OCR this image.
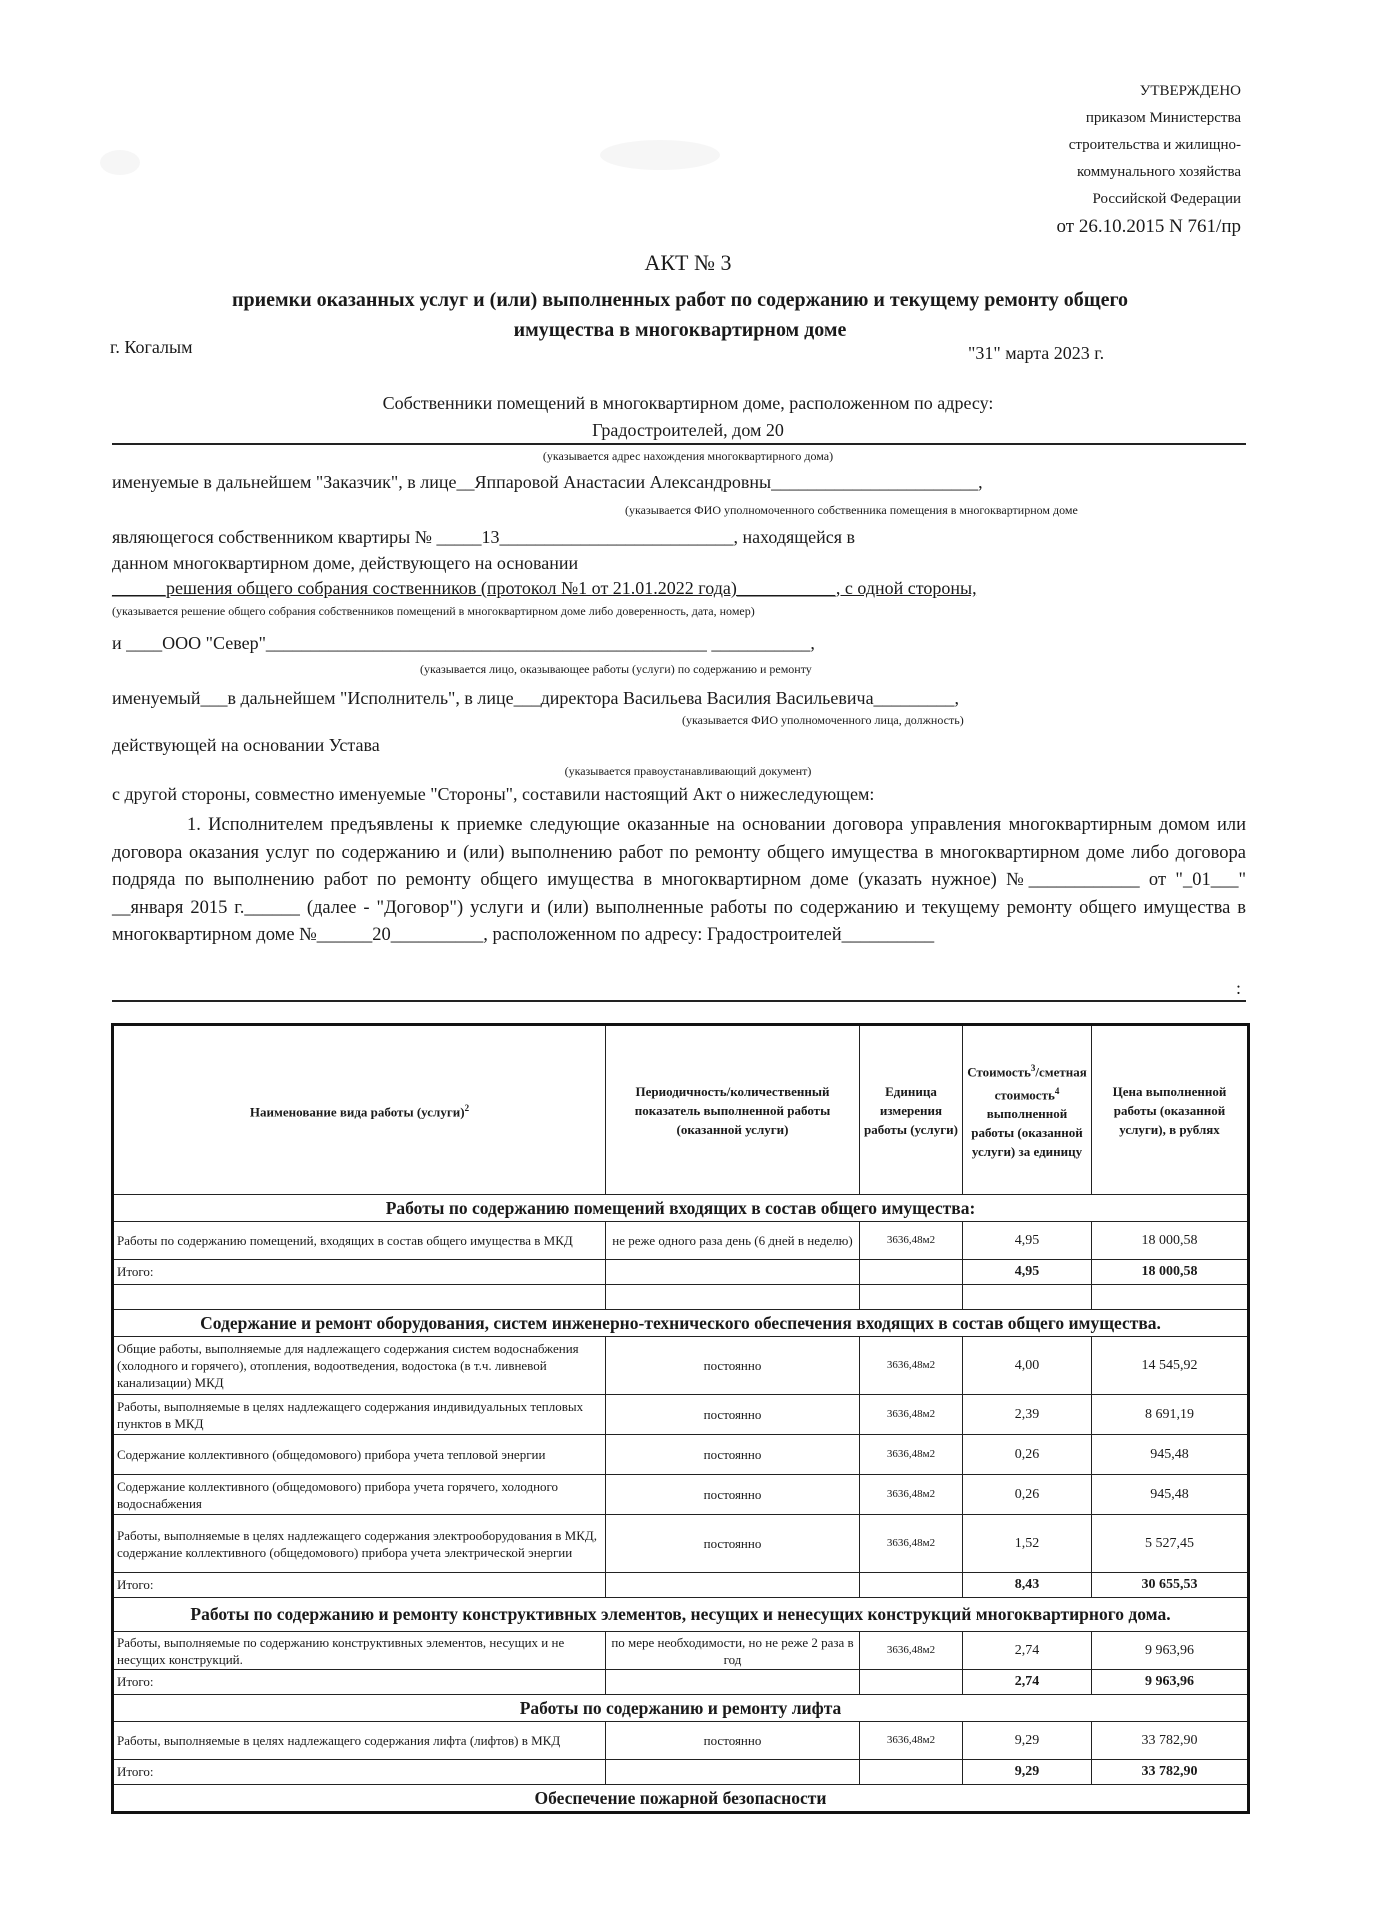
УТВЕРЖДЕНО
приказом Министерства
строительства и жилищно-
коммунального хозяйства
Российской Федерации
от 26.10.2015 N 761/пр
АКТ № 3
приемки оказанных услуг и (или) выполненных работ по содержанию и текущему ремонту общего
имущества в многоквартирном доме
г. Когалым	"31" марта 2023 г.
Собственники помещений в многоквартирном доме, расположенном по адресу:
Градостроителей, дом 20
(указывается адрес нахождения многоквартирного дома)
именуемые в дальнейшем "Заказчик", в лице__Яппаровой Анастасии Александровны_______________________,
(указывается ФИО уполномоченного собственника помещения в многоквартирном доме
являющегося собственником квартиры № _____13__________________________, находящейся в
данном многоквартирном доме, действующего на основании
______решения общего собрания соственников (протокол №1 от 21.01.2022 года)___________, с одной стороны,
(указывается решение общего собрания собственников помещений в многоквартирном доме либо доверенность, дата, номер)
и ____ООО "Север"_________________________________________________ ___________,
(указывается лицо, оказывающее работы (услуги) по содержанию и ремонту
именуемый___в дальнейшем "Исполнитель", в лице___директора Васильева Василия Васильевича_________,
(указывается ФИО уполномоченного лица, должность)
действующей на основании Устава
(указывается правоустанавливающий документ)
с другой стороны, совместно именуемые "Стороны", составили настоящий Акт о нижеследующем:
1. Исполнителем предъявлены к приемке следующие оказанные на основании договора управления многоквартирным домом или договора оказания услуг по содержанию и (или) выполнению работ по ремонту общего имущества в многоквартирном доме либо договора подряда по выполнению работ по ремонту общего имущества в многоквартирном доме (указать нужное) №____________ от "_01___" __января 2015 г.______ (далее - "Договор") услуги и (или) выполненные работы по содержанию и текущему ремонту общего имущества в многоквартирном доме №______20__________, расположенном по адресу: Градостроителей__________
:
Наименование вида работы (услуги)$^2$	Периодичность/количественный показатель выполненной работы (оказанной услуги)	Единица измерения работы (услуги)	Стоимость$^3$/сметная стоимость$^4$ выполненной работы (оказанной услуги) за единицу	Цена выполненной работы (оказанной услуги), в рублях
Работы по содержанию помещений входящих в состав общего имущества:				
Работы по содержанию помещений, входящих в состав общего имущества в МКД	не реже одного раза день (6 дней в неделю)	3636,48м2	4,95	18 000,58
Итого:			4,95	18 000,58

Содержание и ремонт оборудования, систем инженерно-технического обеспечения входящих в состав общего имущества.				
Общие работы, выполняемые для надлежащего содержания систем водоснабжения (холодного и горячего), отопления, водоотведения, водостока (в т.ч. ливневой канализации) МКД	постоянно	3636,48м2	4,00	14 545,92
Работы, выполняемые в целях надлежащего содержания индивидуальных тепловых пунктов в МКД	постоянно	3636,48м2	2,39	8 691,19
Содержание коллективного (общедомового) прибора учета тепловой энергии	постоянно	3636,48м2	0,26	945,48
Содержание коллективного (общедомового) прибора учета горячего, холодного водоснабжения	постоянно	3636,48м2	0,26	945,48
Работы, выполняемые в целях надлежащего содержания электрооборудования в МКД, содержание коллективного (общедомового) прибора учета электрической энергии	постоянно	3636,48м2	1,52	5 527,45
Итого:			8,43	30 655,53
Работы по содержанию и ремонту конструктивных элементов, несущих и ненесущих конструкций многоквартирного дома.				
Работы, выполняемые по содержанию конструктивных элементов, несущих и не несущих конструкций.	по мере необходимости, но не реже 2 раза в год	3636,48м2	2,74	9 963,96
Итого:			2,74	9 963,96
Работы по содержанию и ремонту лифта				
Работы, выполняемые в целях надлежащего содержания лифта (лифтов) в МКД	постоянно	3636,48м2	9,29	33 782,90
Итого:			9,29	33 782,90
Обеспечение пожарной безопасности				
